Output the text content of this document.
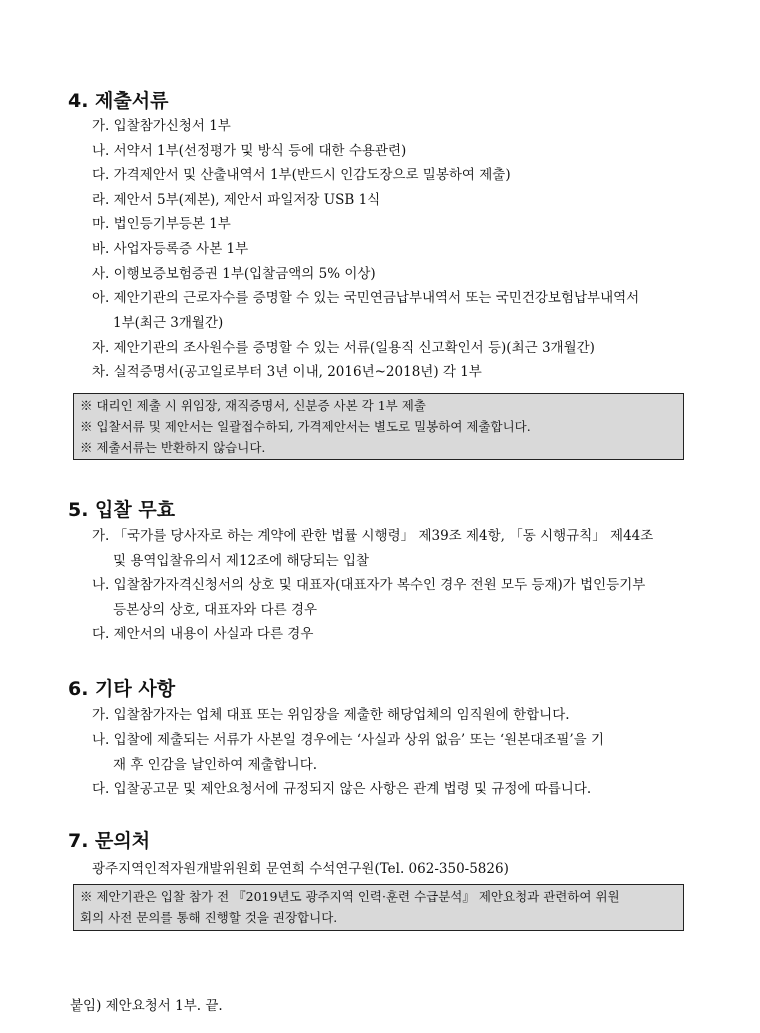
4. 제출서류
가. 입찰참가신청서 1부
나. 서약서 1부(선정평가 및 방식 등에 대한 수용관련)
다. 가격제안서 및 산출내역서 1부(반드시 인감도장으로 밀봉하여 제출)
라. 제안서 5부(제본), 제안서 파일저장 USB 1식
마. 법인등기부등본 1부
바. 사업자등록증 사본 1부
사. 이행보증보험증권 1부(입찰금액의 5% 이상)
아. 제안기관의 근로자수를 증명할 수 있는 국민연금납부내역서 또는 국민건강보험납부내역서
1부(최근 3개월간)
자. 제안기관의 조사원수를 증명할 수 있는 서류(일용직 신고확인서 등)(최근 3개월간)
차. 실적증명서(공고일로부터 3년 이내, 2016년~2018년) 각 1부
※ 대리인 제출 시 위임장, 재직증명서, 신분증 사본 각 1부 제출
※ 입찰서류 및 제안서는 일괄접수하되, 가격제안서는 별도로 밀봉하여 제출합니다.
※ 제출서류는 반환하지 않습니다.
5. 입찰 무효
가. 「국가를 당사자로 하는 계약에 관한 법률 시행령」 제39조 제4항, 「동 시행규칙」 제44조
및 용역입찰유의서 제12조에 해당되는 입찰
나. 입찰참가자격신청서의 상호 및 대표자(대표자가 복수인 경우 전원 모두 등재)가 법인등기부
등본상의 상호, 대표자와 다른 경우
다. 제안서의 내용이 사실과 다른 경우
6. 기타 사항
가. 입찰참가자는 업체 대표 또는 위임장을 제출한 해당업체의 임직원에 한합니다.
나. 입찰에 제출되는 서류가 사본일 경우에는 ‘사실과 상위 없음’ 또는 ‘원본대조필’을 기
재 후 인감을 날인하여 제출합니다.
다. 입찰공고문 및 제안요청서에 규정되지 않은 사항은 관계 법령 및 규정에 따릅니다.
7. 문의처
광주지역인적자원개발위원회 문연희 수석연구원(Tel. 062-350-5826)
※ 제안기관은 입찰 참가 전 『2019년도 광주지역 인력·훈련 수급분석』 제안요청과 관련하여 위원
회의 사전 문의를 통해 진행할 것을 권장합니다.
붙임) 제안요청서 1부. 끝.
